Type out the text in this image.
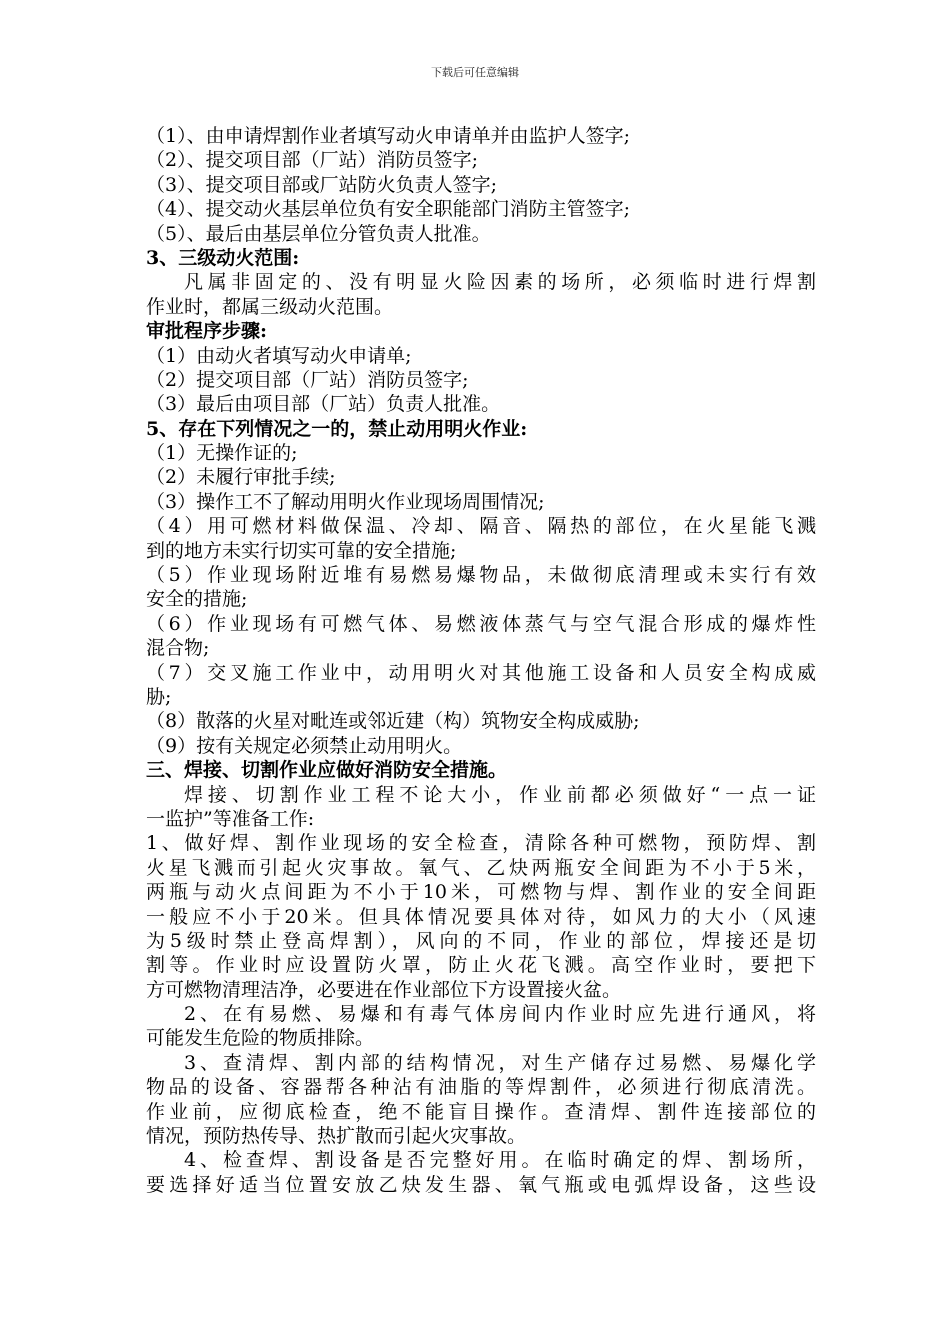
下载后可任意编辑
（1）、由申请焊割作业者填写动火申请单并由监护人签字;
（2）、提交项目部（厂站）消防员签字;
（3）、提交项目部或厂站防火负责人签字;
（4）、提交动火基层单位负有安全职能部门消防主管签字;
（5）、最后由基层单位分管负责人批准。
3、三级动火范围:
凡属非固定的、没有明显火险因素的场所，必须临时进行焊割
作业时，都属三级动火范围。
审批程序步骤:
（1）由动火者填写动火申请单;
（2）提交项目部（厂站）消防员签字;
（3）最后由项目部（厂站）负责人批准。
5、存在下列情况之一的，禁止动用明火作业:
（1）无操作证的;
（2）未履行审批手续;
（3）操作工不了解动用明火作业现场周围情况;
（4）用可燃材料做保温、冷却、隔音、隔热的部位，在火星能飞溅
到的地方未实行切实可靠的安全措施;
（5）作业现场附近堆有易燃易爆物品，未做彻底清理或未实行有效
安全的措施;
（6）作业现场有可燃气体、易燃液体蒸气与空气混合形成的爆炸性
混合物;
（7）交叉施工作业中，动用明火对其他施工设备和人员安全构成威
胁;
（8）散落的火星对毗连或邻近建（构）筑物安全构成威胁;
（9）按有关规定必须禁止动用明火。
三、焊接、切割作业应做好消防安全措施。
焊接、切割作业工程不论大小，作业前都必须做好“一点一证
一监护”等准备工作:
1、做好焊、割作业现场的安全检查，清除各种可燃物，预防焊、割
火星飞溅而引起火灾事故。氧气、乙炔两瓶安全间距为不小于5米，
两瓶与动火点间距为不小于10米，可燃物与焊、割作业的安全间距
一般应不小于20米。但具体情况要具体对待，如风力的大小（风速
为5级时禁止登高焊割），风向的不同，作业的部位，焊接还是切
割等。作业时应设置防火罩，防止火花飞溅。高空作业时，要把下
方可燃物清理洁净，必要进在作业部位下方设置接火盆。
2、在有易燃、易爆和有毒气体房间内作业时应先进行通风，将
可能发生危险的物质排除。
3、查清焊、割内部的结构情况，对生产储存过易燃、易爆化学
物品的设备、容器帮各种沾有油脂的等焊割件，必须进行彻底清洗。
作业前，应彻底检查，绝不能盲目操作。查清焊、割件连接部位的
情况，预防热传导、热扩散而引起火灾事故。
4、检查焊、割设备是否完整好用。在临时确定的焊、割场所，
要选择好适当位置安放乙炔发生器、氧气瓶或电弧焊设备，这些设
